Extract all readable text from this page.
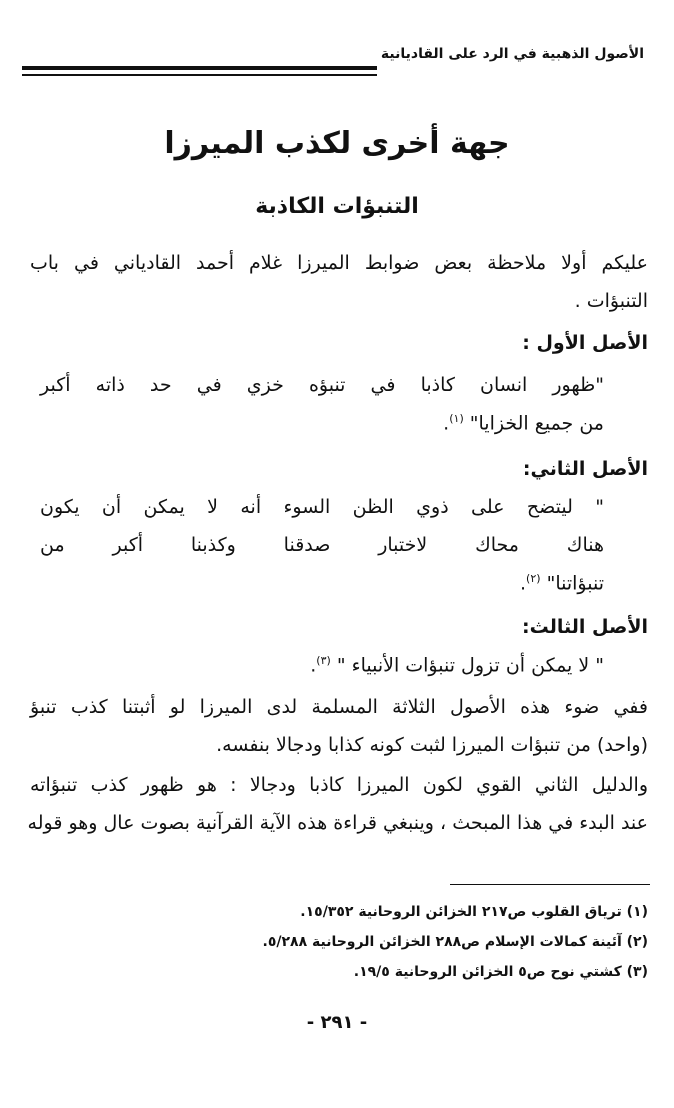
الأصول الذهبية في الرد على القاديانية
جهة أخرى لكذب الميرزا
التنبؤات الكاذبة
عليكم أولا ملاحظة بعض ضوابط الميرزا غلام أحمد القادياني في باب
التنبؤات .
الأصل الأول :
"ظهور انسان كاذبا في تنبؤه خزي في حد ذاته أكبر
من جميع الخزايا" $^{(١)}$.
الأصل الثاني:
" ليتضح على ذوي الظن السوء أنه لا يمكن أن يكون
هناك محاك لاختبار صدقنا وكذبنا أكبر من
تنبؤاتنا" $^{(٢)}$.
الأصل الثالث:
" لا يمكن أن تزول تنبؤات الأنبياء " $^{(٣)}$.
ففي ضوء هذه الأصول الثلاثة المسلمة لدى الميرزا لو أثبتنا كذب تنبؤ
(واحد) من تنبؤات الميرزا لثبت كونه كذابا ودجالا بنفسه.
والدليل الثاني القوي لكون الميرزا كاذبا ودجالا : هو ظهور كذب تنبؤاته
عند البدء في هذا المبحث ، وينبغي قراءة هذه الآية القرآنية بصوت عال وهو قوله
(١) ترياق القلوب ص٢١٧ الخزائن الروحانية ١٥/٣٥٢.
(٢) آئينة كمالات الإسلام ص٢٨٨ الخزائن الروحانية ٥/٢٨٨.
(٣) كشتي نوح ص٥ الخزائن الروحانية ١٩/٥.
- ٢٩١ -
